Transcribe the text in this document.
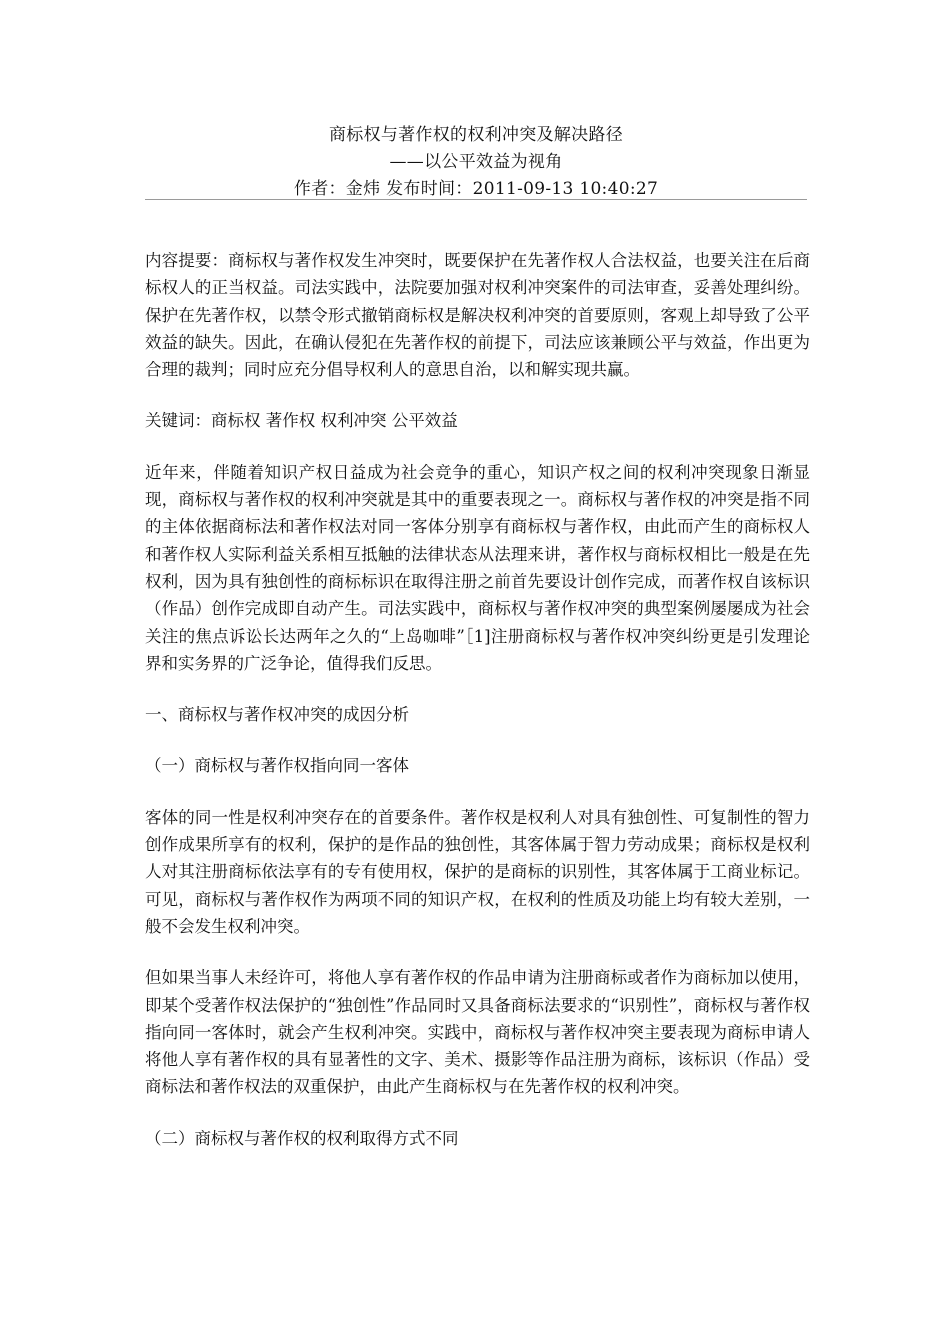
商标权与著作权的权利冲突及解决路径
——以公平效益为视角
作者：金炜 发布时间：2011-09-13 10:40:27

内容提要：商标权与著作权发生冲突时，既要保护在先著作权人合法权益，也要关注在后商标权人的正当权益。司法实践中，法院要加强对权利冲突案件的司法审查，妥善处理纠纷。保护在先著作权，以禁令形式撤销商标权是解决权利冲突的首要原则，客观上却导致了公平效益的缺失。因此，在确认侵犯在先著作权的前提下，司法应该兼顾公平与效益，作出更为合理的裁判；同时应充分倡导权利人的意思自治，以和解实现共赢。

关键词：商标权 著作权 权利冲突 公平效益

近年来，伴随着知识产权日益成为社会竞争的重心，知识产权之间的权利冲突现象日渐显现，商标权与著作权的权利冲突就是其中的重要表现之一。商标权与著作权的冲突是指不同的主体依据商标法和著作权法对同一客体分别享有商标权与著作权，由此而产生的商标权人和著作权人实际利益关系相互抵触的法律状态从法理来讲，著作权与商标权相比一般是在先权利，因为具有独创性的商标标识在取得注册之前首先要设计创作完成，而著作权自该标识（作品）创作完成即自动产生。司法实践中，商标权与著作权冲突的典型案例屡屡成为社会关注的焦点诉讼长达两年之久的“上岛咖啡”［1]注册商标权与著作权冲突纠纷更是引发理论界和实务界的广泛争论，值得我们反思。

一、商标权与著作权冲突的成因分析

（一）商标权与著作权指向同一客体

客体的同一性是权利冲突存在的首要条件。著作权是权利人对具有独创性、可复制性的智力创作成果所享有的权利，保护的是作品的独创性，其客体属于智力劳动成果；商标权是权利人对其注册商标依法享有的专有使用权，保护的是商标的识别性，其客体属于工商业标记。可见，商标权与著作权作为两项不同的知识产权，在权利的性质及功能上均有较大差别，一般不会发生权利冲突。

但如果当事人未经许可，将他人享有著作权的作品申请为注册商标或者作为商标加以使用，即某个受著作权法保护的“独创性”作品同时又具备商标法要求的“识别性”，商标权与著作权指向同一客体时，就会产生权利冲突。实践中，商标权与著作权冲突主要表现为商标申请人将他人享有著作权的具有显著性的文字、美术、摄影等作品注册为商标，该标识（作品）受商标法和著作权法的双重保护，由此产生商标权与在先著作权的权利冲突。

（二）商标权与著作权的权利取得方式不同
